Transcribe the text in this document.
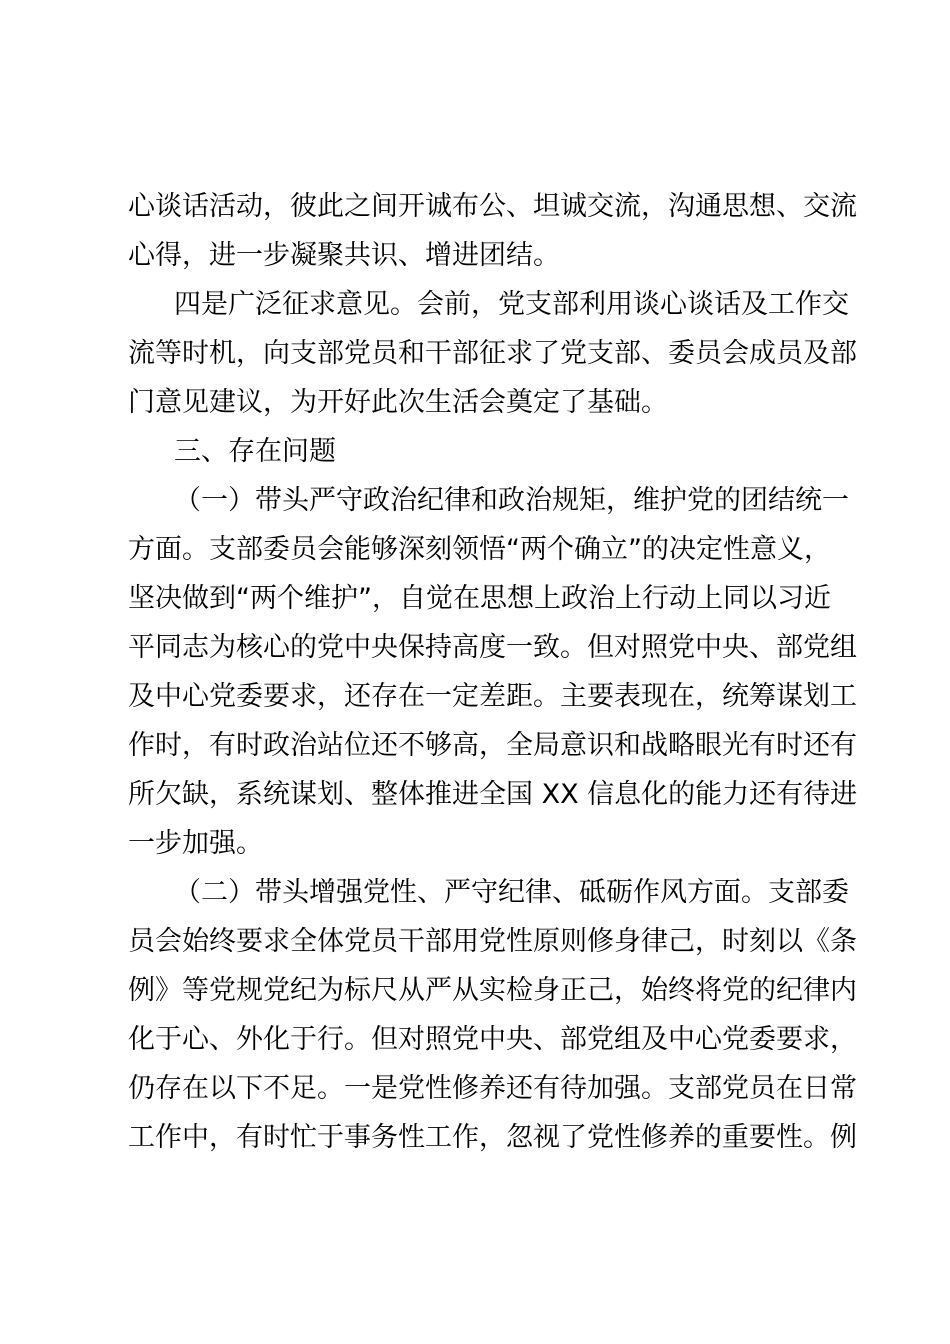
心谈话活动，彼此之间开诚布公、坦诚交流，沟通思想、交流
心得，进一步凝聚共识、增进团结。
四是广泛征求意见。会前，党支部利用谈心谈话及工作交
流等时机，向支部党员和干部征求了党支部、委员会成员及部
门意见建议，为开好此次生活会奠定了基础。
三、存在问题
（一）带头严守政治纪律和政治规矩，维护党的团结统一
方面。支部委员会能够深刻领悟“两个确立”的决定性意义，
坚决做到“两个维护”，自觉在思想上政治上行动上同以习近
平同志为核心的党中央保持高度一致。但对照党中央、部党组
及中心党委要求，还存在一定差距。主要表现在，统筹谋划工
作时，有时政治站位还不够高，全局意识和战略眼光有时还有
所欠缺，系统谋划、整体推进全国 XX 信息化的能力还有待进
一步加强。
（二）带头增强党性、严守纪律、砥砺作风方面。支部委
员会始终要求全体党员干部用党性原则修身律己，时刻以《条
例》等党规党纪为标尺从严从实检身正己，始终将党的纪律内
化于心、外化于行。但对照党中央、部党组及中心党委要求，
仍存在以下不足。一是党性修养还有待加强。支部党员在日常
工作中，有时忙于事务性工作，忽视了党性修养的重要性。例
